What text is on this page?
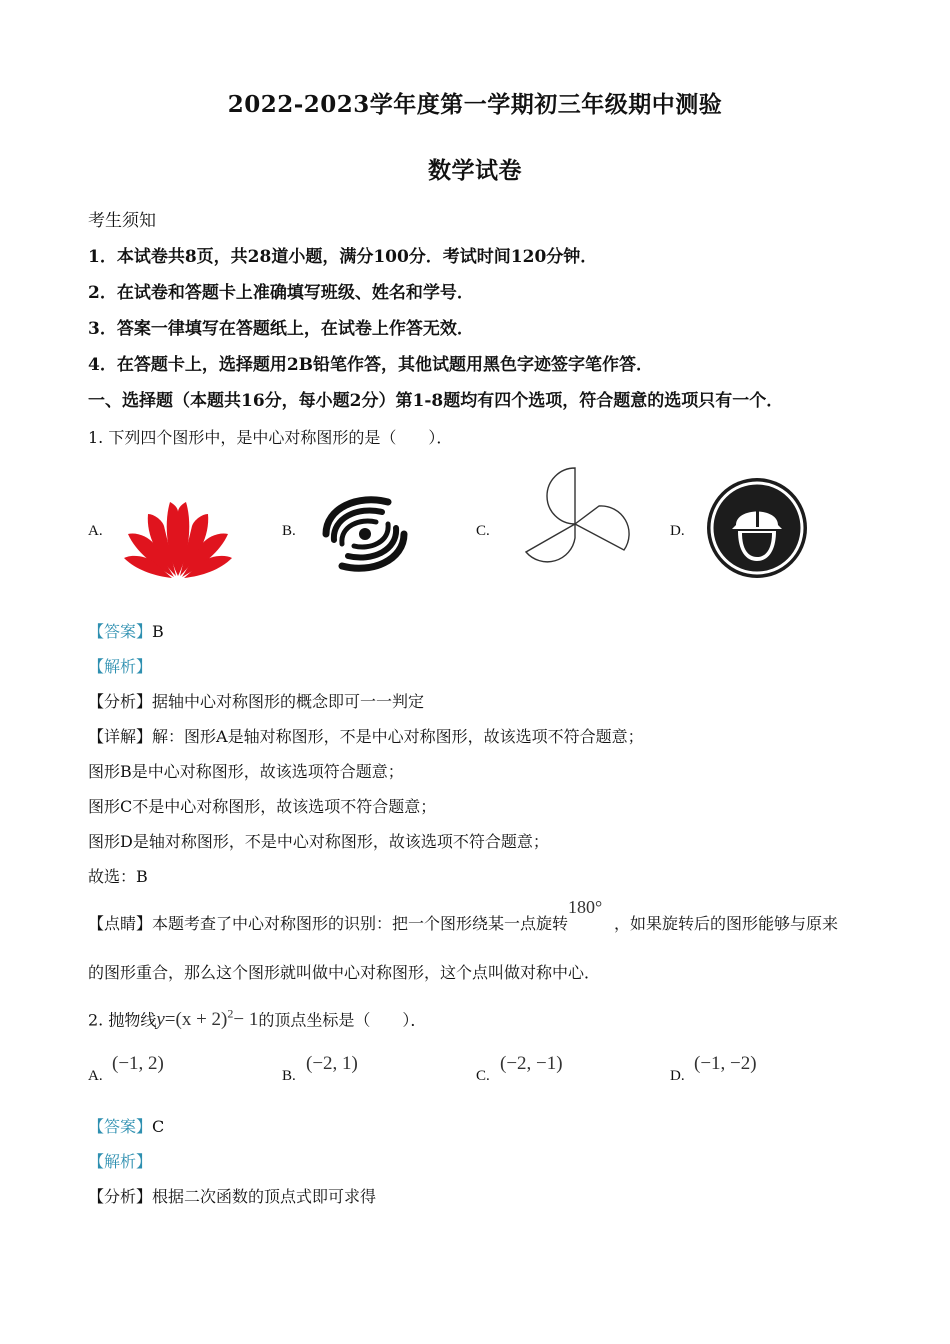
2022-2023学年度第一学期初三年级期中测验
数学试卷
考生须知
1．本试卷共8页，共28道小题，满分100分．考试时间120分钟．
2．在试卷和答题卡上准确填写班级、姓名和学号．
3．答案一律填写在答题纸上，在试卷上作答无效．
4．在答题卡上，选择题用2B铅笔作答，其他试题用黑色字迹签字笔作答．
一、选择题（本题共16分，每小题2分）第1-8题均有四个选项，符合题意的选项只有一个．
1. 下列四个图形中，是中心对称图形的是（　　）．
A.	B.	C.	D.
【答案】B
【解析】
【分析】据轴中心对称图形的概念即可一一判定
【详解】解：图形A是轴对称图形，不是中心对称图形，故该选项不符合题意；
图形B是中心对称图形，故该选项符合题意；
图形C不是中心对称图形，故该选项不符合题意；
图形D是轴对称图形，不是中心对称图形，故该选项不符合题意；
故选：B
【点睛】本题考查了中心对称图形的识别：把一个图形绕某一点旋转180°，如果旋转后的图形能够与原来
的图形重合，那么这个图形就叫做中心对称图形，这个点叫做对称中心．
2. 抛物线$y=(x + 2)^2- 1$的顶点坐标是（　　）．
A.
(−1, 2)
B.
(−2, 1)
C.
(−2, −1)
D.
(−1, −2)
【答案】C
【解析】
【分析】根据二次函数的顶点式即可求得
